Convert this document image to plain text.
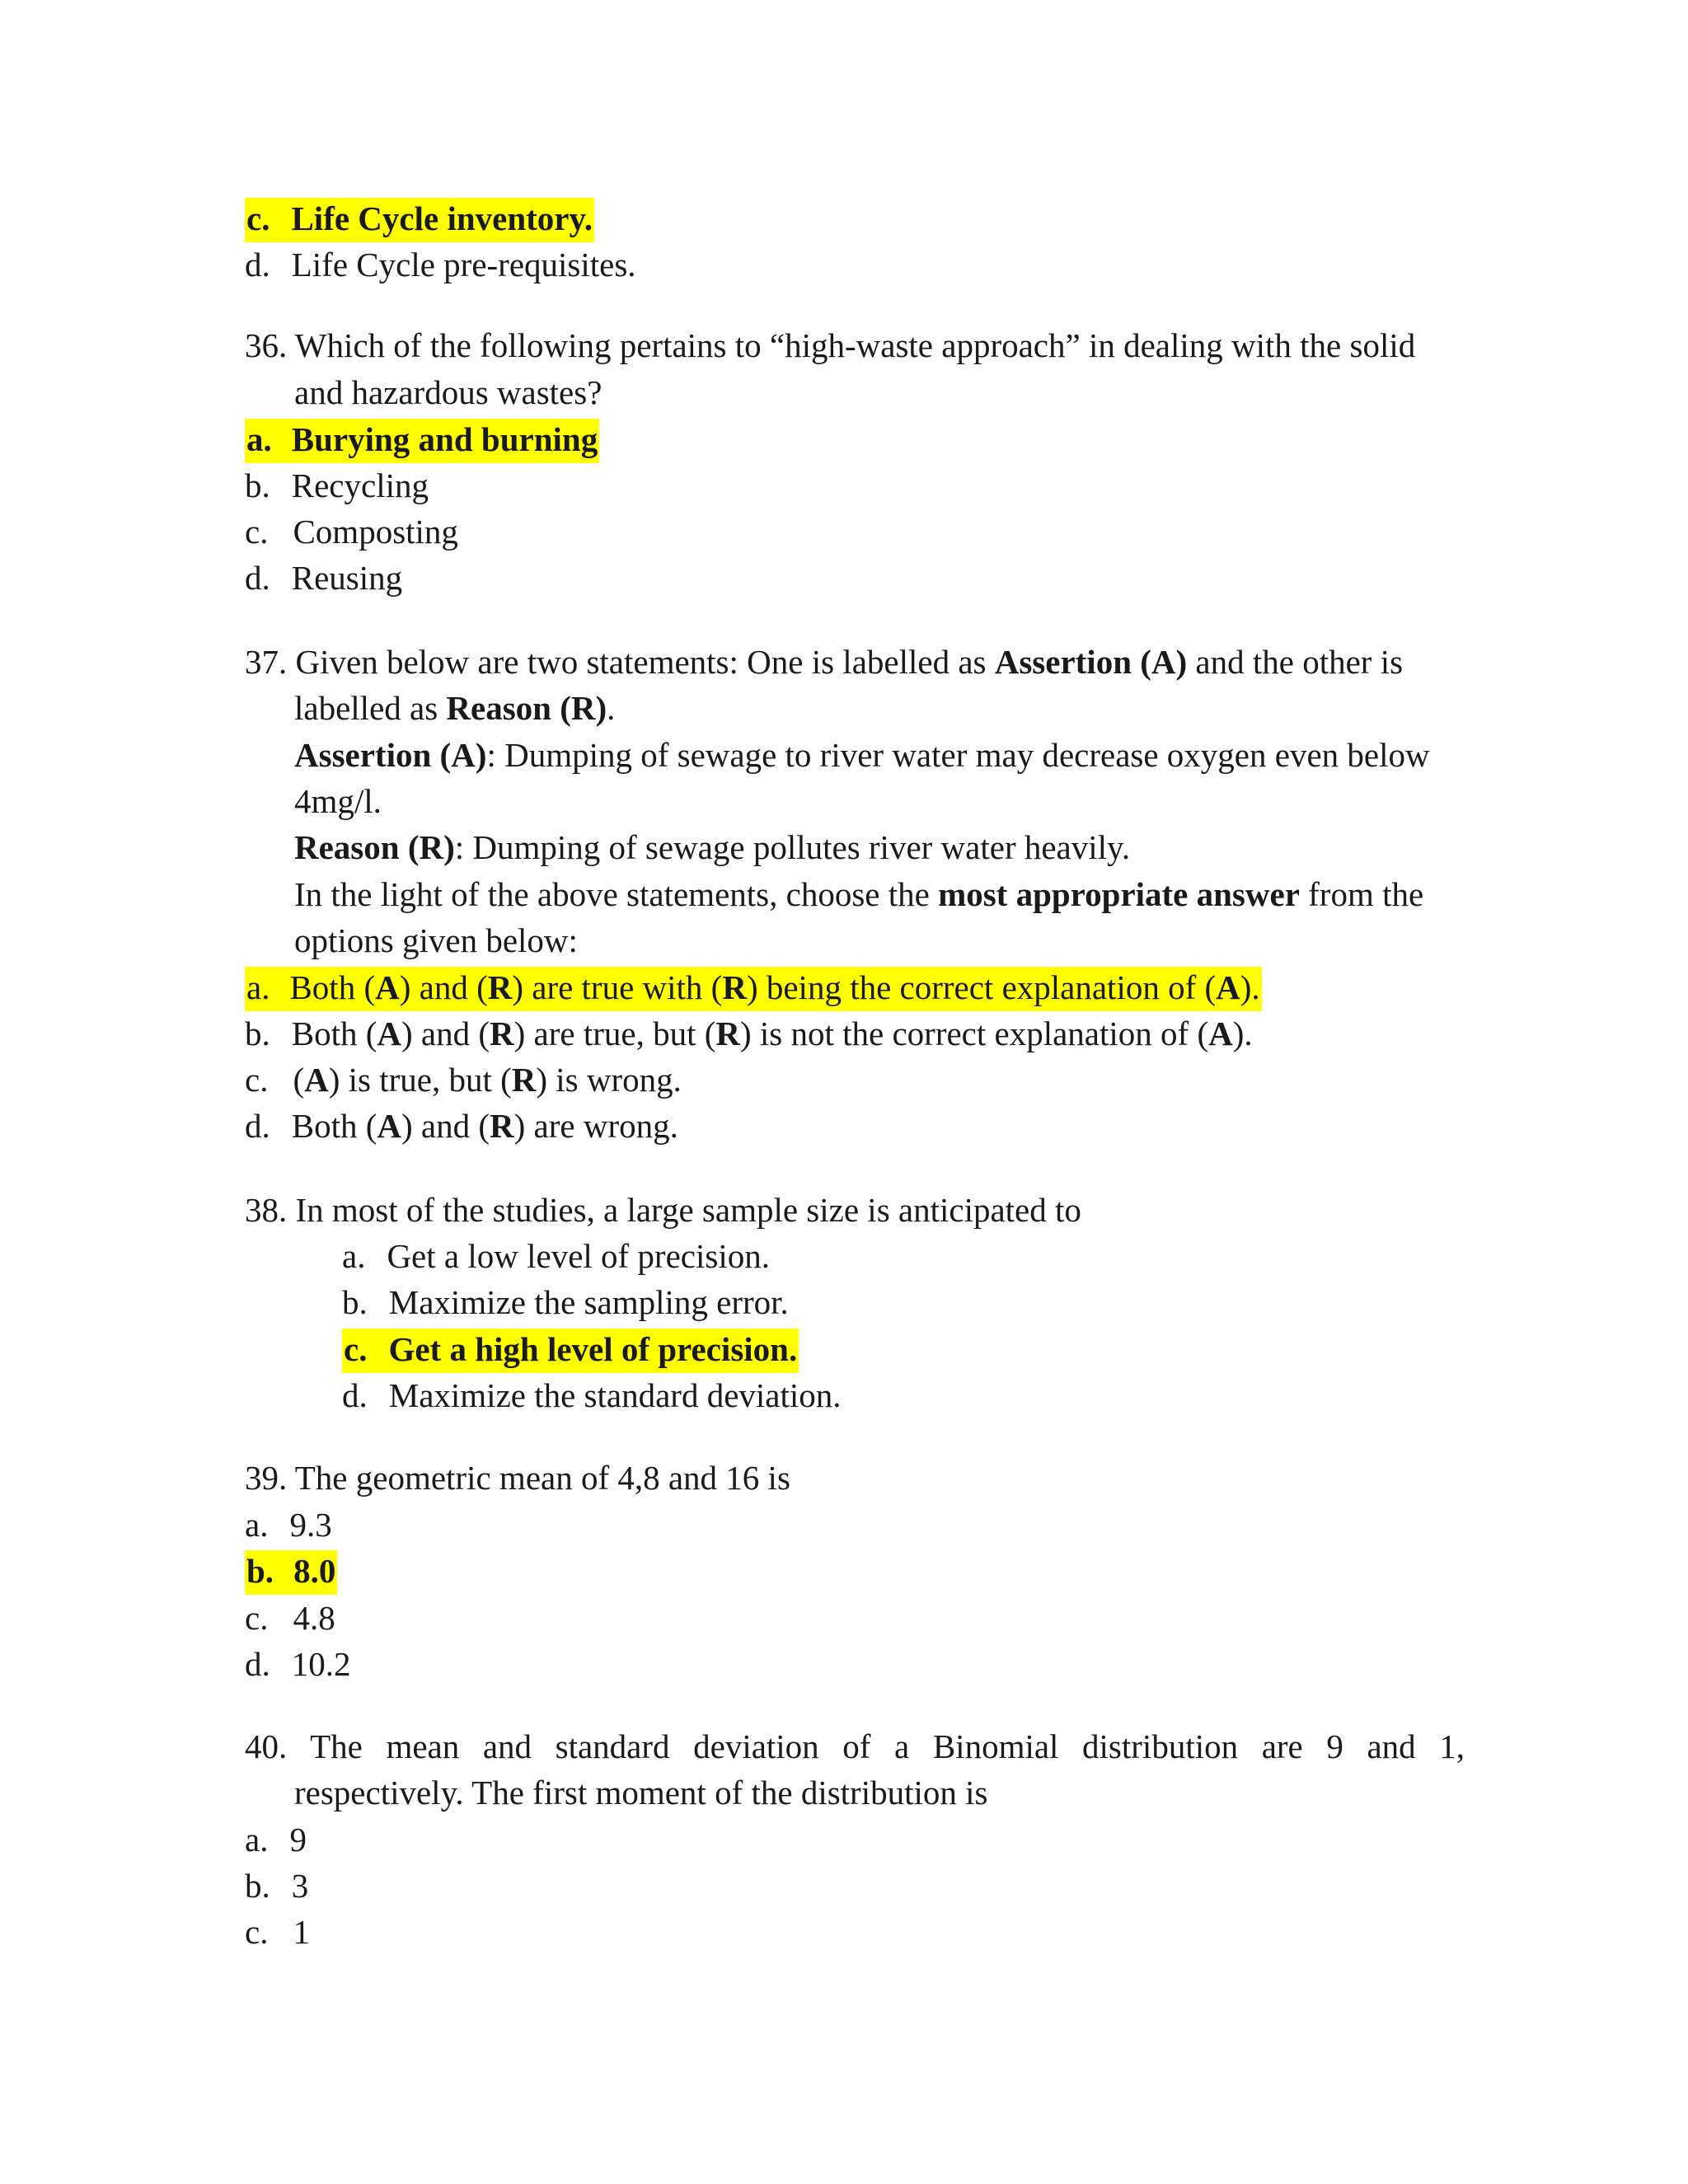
c. Life Cycle inventory.
d. Life Cycle pre-requisites.
36. Which of the following pertains to “high-waste approach” in dealing with the solid
and hazardous wastes?
a. Burying and burning
b. Recycling
c. Composting
d. Reusing
37. Given below are two statements: One is labelled as Assertion (A) and the other is
labelled as Reason (R).
Assertion (A): Dumping of sewage to river water may decrease oxygen even below
4mg/l.
Reason (R): Dumping of sewage pollutes river water heavily.
In the light of the above statements, choose the most appropriate answer from the
options given below:
a. Both (A) and (R) are true with (R) being the correct explanation of (A).
b. Both (A) and (R) are true, but (R) is not the correct explanation of (A).
c. (A) is true, but (R) is wrong.
d. Both (A) and (R) are wrong.
38. In most of the studies, a large sample size is anticipated to
a. Get a low level of precision.
b. Maximize the sampling error.
c. Get a high level of precision.
d. Maximize the standard deviation.
39. The geometric mean of 4,8 and 16 is
a. 9.3
b. 8.0
c. 4.8
d. 10.2
40. The mean and standard deviation of a Binomial distribution are 9 and 1,
respectively. The first moment of the distribution is
a. 9
b. 3
c. 1
